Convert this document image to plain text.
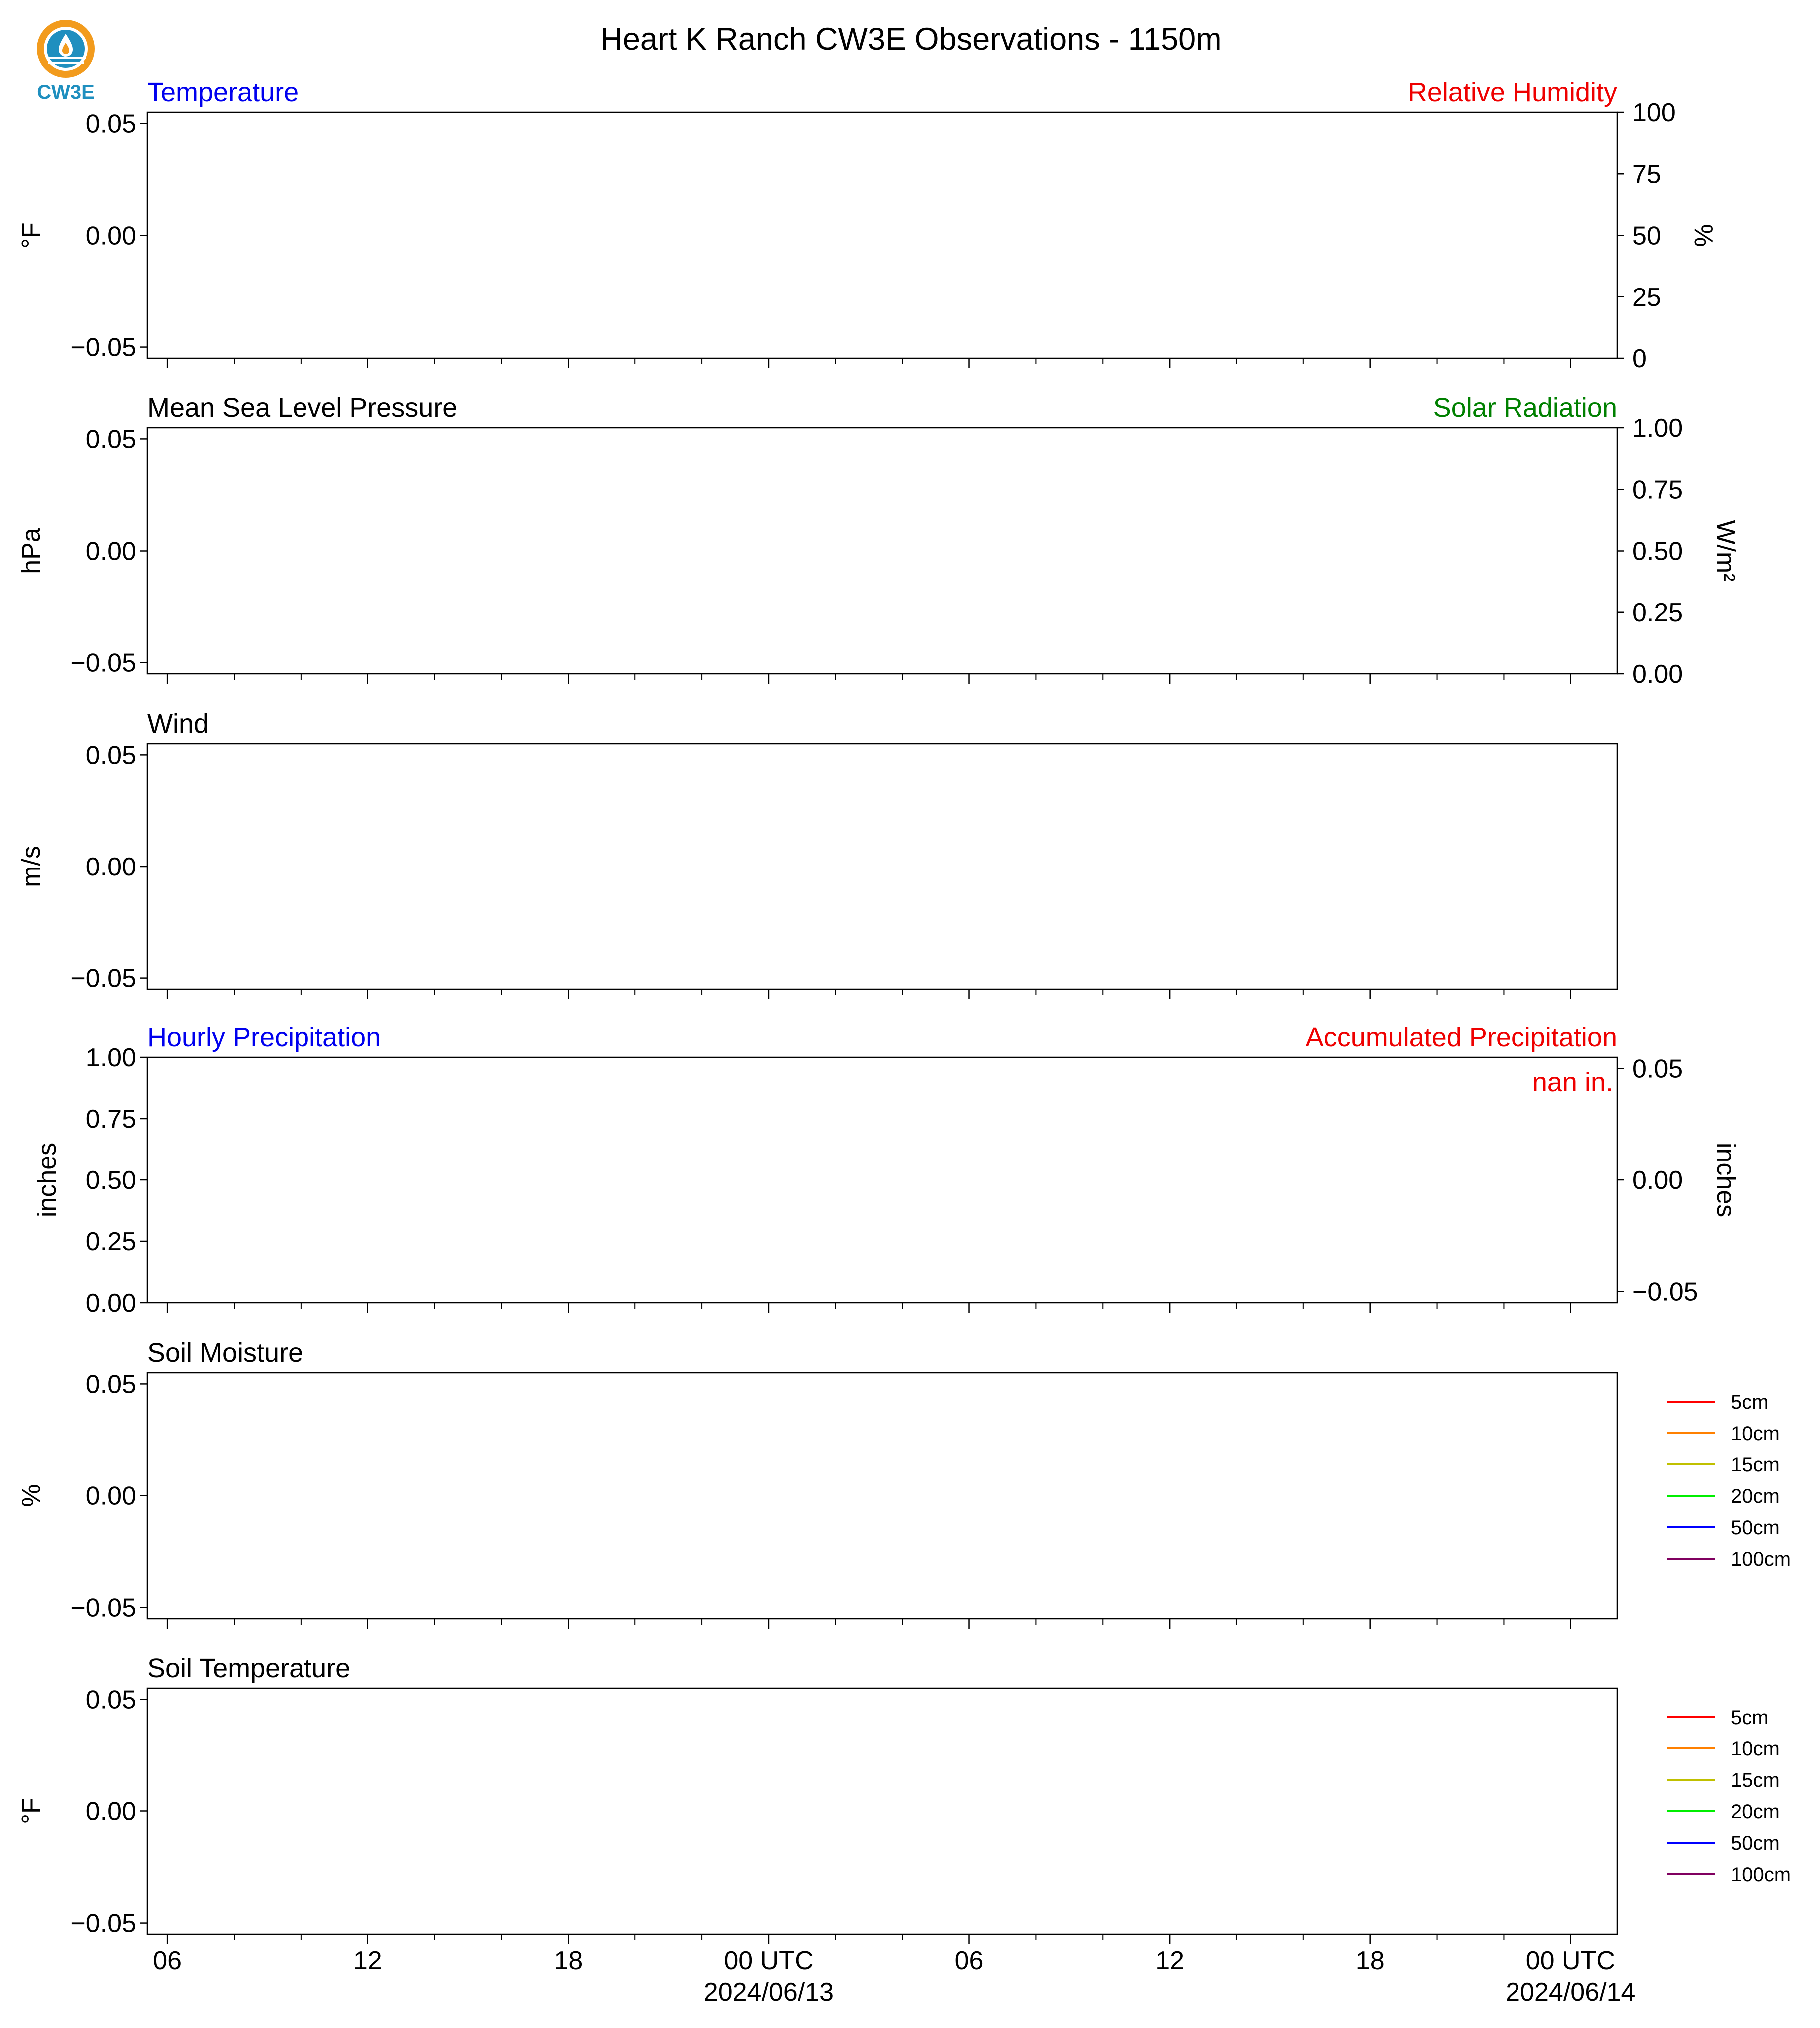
Heart K Ranch CW3E Observations - 1150m
CW3E Temperature	Relative Humidity
0.05
0.00
−0.05
°F
100
75
50
25
0
%
Mean Sea Level Pressure	Solar Radiation
0.05
0.00
−0.05
hPa
1.00
0.75
0.50
0.25
0.00
W/m²
Wind
0.05
0.00
−0.05
m/s
Hourly Precipitation	Accumulated Precipitation
1.00
0.75
0.50
0.25
0.00
inches
0.05
0.00
−0.05
inches
nan in.
Soil Moisture
0.05
0.00
−0.05
%
5cm
10cm
15cm
20cm
50cm
100cm
Soil Temperature
0.05
0.00
−0.05
°F
5cm
10cm
15cm
20cm
50cm
100cm
06	12	18	00 UTC
2024/06/13
06	12	18	00 UTC
2024/06/14
